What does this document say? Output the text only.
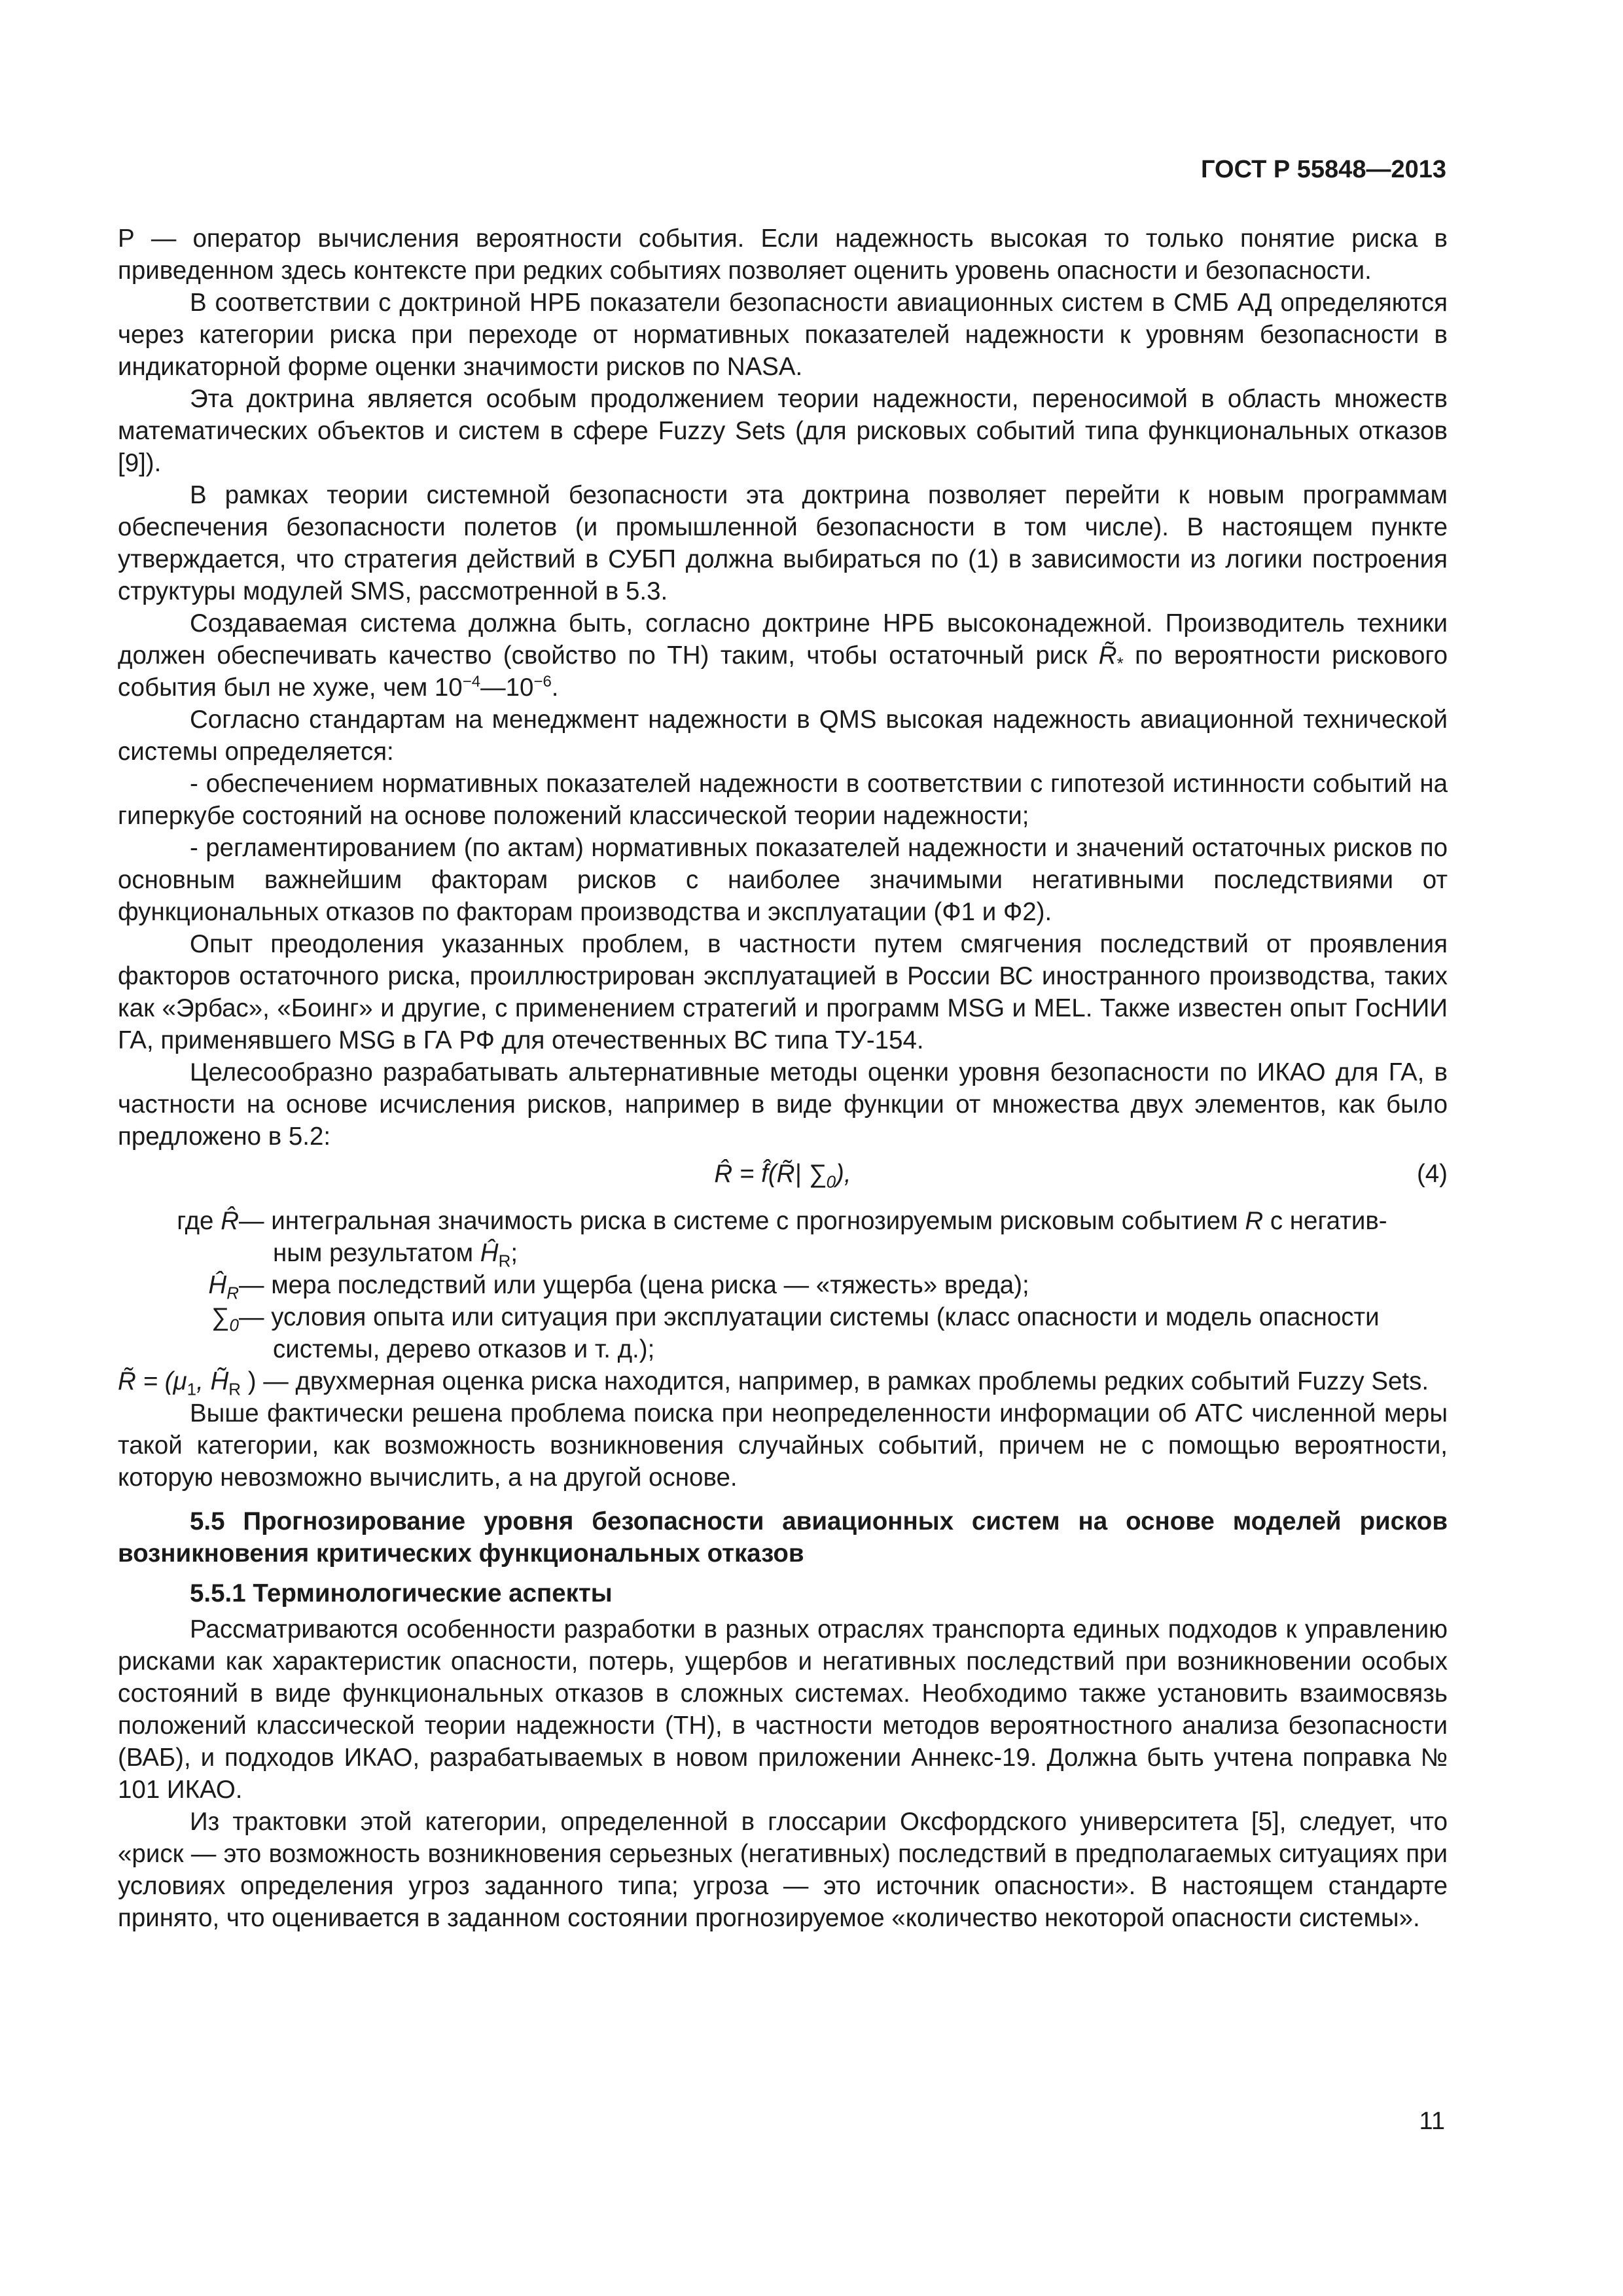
ГОСТ Р 55848—2013

Р — оператор вычисления вероятности события. Если надежность высокая то только понятие риска в приведенном здесь контексте при редких событиях позволяет оценить уровень опасности и безопасности.

В соответствии с доктриной НРБ показатели безопасности авиационных систем в СМБ АД определяются через категории риска при переходе от нормативных показателей надежности к уровням безопасности в индикаторной форме оценки значимости рисков по NASA.

Эта доктрина является особым продолжением теории надежности, переносимой в область множеств математических объектов и систем в сфере Fuzzy Sets (для рисковых событий типа функциональных отказов [9]).

В рамках теории системной безопасности эта доктрина позволяет перейти к новым программам обеспечения безопасности полетов (и промышленной безопасности в том числе). В настоящем пункте утверждается, что стратегия действий в СУБП должна выбираться по (1) в зависимости из логики построения структуры модулей SMS, рассмотренной в 5.3.

Создаваемая система должна быть, согласно доктрине НРБ высоконадежной. Производитель техники должен обеспечивать качество (свойство по ТН) таким, чтобы остаточный риск $R̃_*$ по вероятности рискового события был не хуже, чем $10^{-4}—10^{-6}$.

Согласно стандартам на менеджмент надежности в QMS высокая надежность авиационной технической системы определяется:

- обеспечением нормативных показателей надежности в соответствии с гипотезой истинности событий на гиперкубе состояний на основе положений классической теории надежности;

- регламентированием (по актам) нормативных показателей надежности и значений остаточных рисков по основным важнейшим факторам рисков с наиболее значимыми негативными последствиями от функциональных отказов по факторам производства и эксплуатации (Ф1 и Ф2).

Опыт преодоления указанных проблем, в частности путем смягчения последствий от проявления факторов остаточного риска, проиллюстрирован эксплуатацией в России ВС иностранного производства, таких как «Эрбас», «Боинг» и другие, с применением стратегий и программ MSG и MEL. Также известен опыт ГосНИИ ГА, применявшего MSG в ГА РФ для отечественных ВС типа ТУ-154.

Целесообразно разрабатывать альтернативные методы оценки уровня безопасности по ИКАО для ГА, в частности на основе исчисления рисков, например в виде функции от множества двух элементов, как было предложено в 5.2:

R̂ = f̂(R̃| $\sum_0$),	(4)
где R̂ — интегральная значимость риска в системе с прогнозируемым рисковым событием R с негатив-
ным результатом $Ĥ_R$;
$Ĥ_R$ — мера последствий или ущерба (цена риска — «тяжесть» вреда);
$\sum_0$ — условия опыта или ситуация при эксплуатации системы (класс опасности и модель опасности
системы, дерево отказов и т. д.);

R̃ = ($\mu_1$, $H̃_R$ ) — двухмерная оценка риска находится, например, в рамках проблемы редких событий Fuzzy Sets.

Выше фактически решена проблема поиска при неопределенности информации об АТС численной меры такой категории, как возможность возникновения случайных событий, причем не с помощью вероятности, которую невозможно вычислить, а на другой основе.

5.5 Прогнозирование уровня безопасности авиационных систем на основе моделей рисков возникновения критических функциональных отказов

5.5.1 Терминологические аспекты

Рассматриваются особенности разработки в разных отраслях транспорта единых подходов к управлению рисками как характеристик опасности, потерь, ущербов и негативных последствий при возникновении особых состояний в виде функциональных отказов в сложных системах. Необходимо также установить взаимосвязь положений классической теории надежности (ТН), в частности методов вероятностного анализа безопасности (ВАБ), и подходов ИКАО, разрабатываемых в новом приложении Аннекс-19. Должна быть учтена поправка № 101 ИКАО.

Из трактовки этой категории, определенной в глоссарии Оксфордского университета [5], следует, что «риск — это возможность возникновения серьезных (негативных) последствий в предполагаемых ситуациях при условиях определения угроз заданного типа; угроза — это источник опасности». В настоящем стандарте принято, что оценивается в заданном состоянии прогнозируемое «количество некоторой опасности системы».

11
